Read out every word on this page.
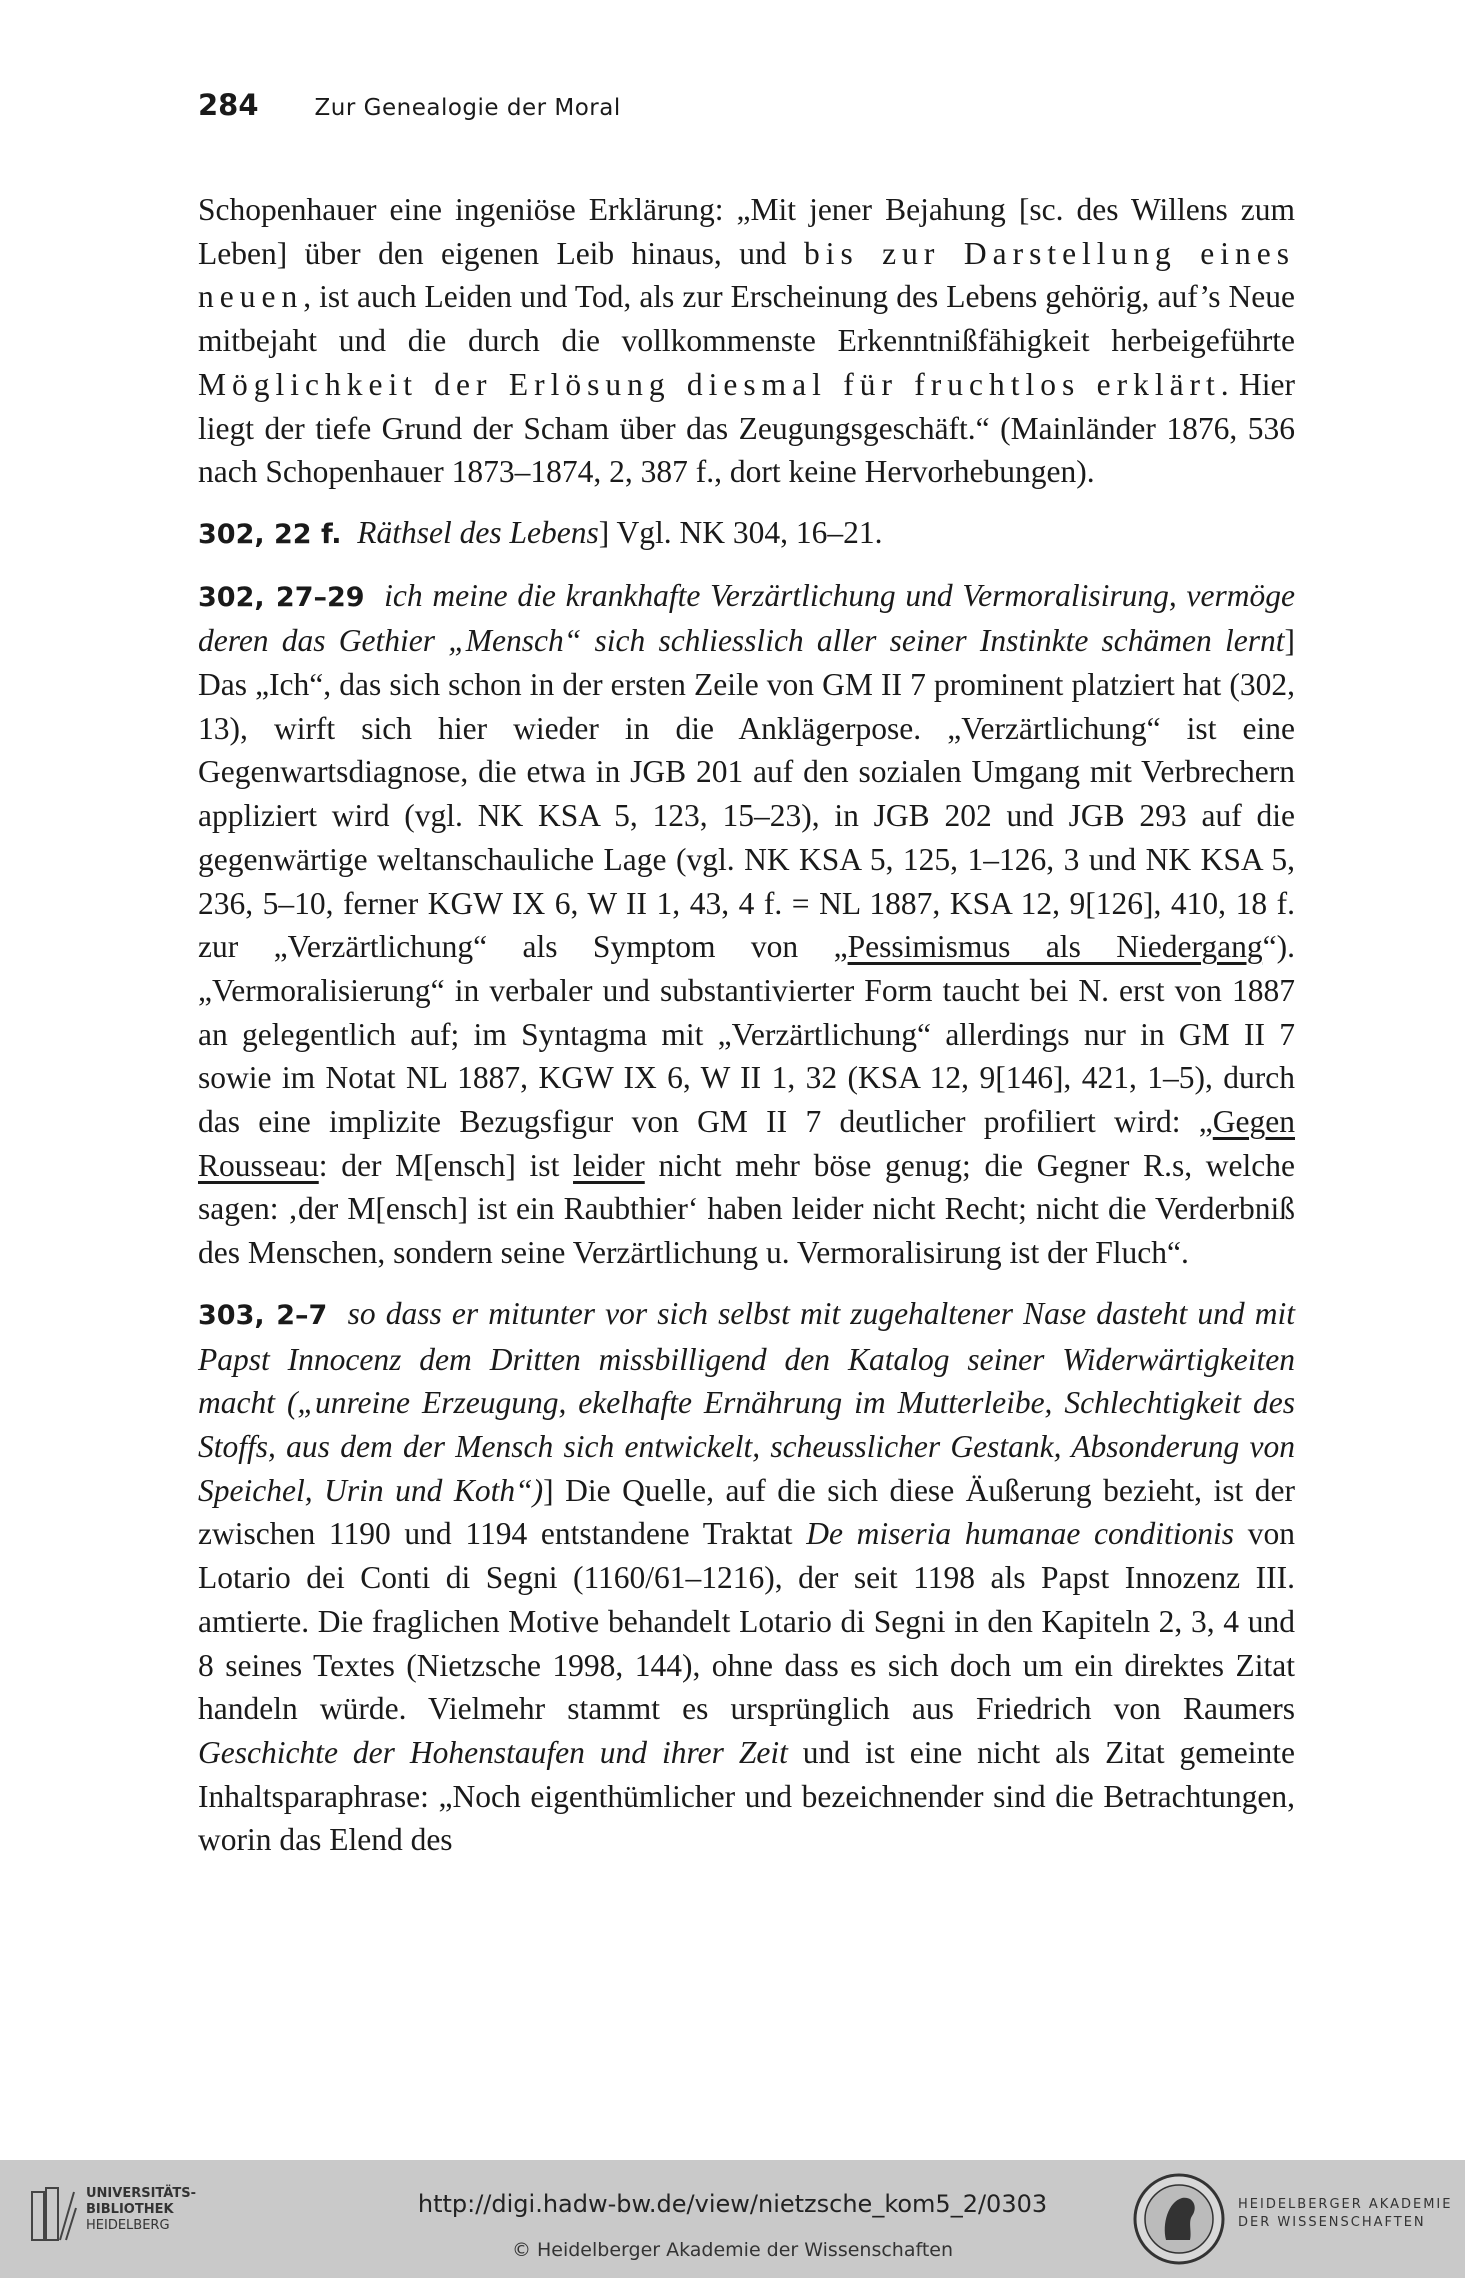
284 Zur Genealogie der Moral

Schopenhauer eine ingeniöse Erklärung: „Mit jener Bejahung [sc. des Willens zum Leben] über den eigenen Leib hinaus, und bis zur Darstellung eines neuen, ist auch Leiden und Tod, als zur Erscheinung des Lebens gehörig, auf’s Neue mitbejaht und die durch die vollkommenste Erkenntnißfähigkeit herbeigeführte Möglichkeit der Erlösung diesmal für fruchtlos erklärt. Hier liegt der tiefe Grund der Scham über das Zeugungsgeschäft.“ (Mainländer 1876, 536 nach Schopenhauer 1873–1874, 2, 387 f., dort keine Hervorhebungen).

302, 22 f. Räthsel des Lebens] Vgl. NK 304, 16–21.

302, 27–29 ich meine die krankhafte Verzärtlichung und Vermoralisirung, vermöge deren das Gethier „Mensch“ sich schliesslich aller seiner Instinkte schämen lernt] Das „Ich“, das sich schon in der ersten Zeile von GM II 7 prominent platziert hat (302, 13), wirft sich hier wieder in die Anklägerpose. „Verzärtlichung“ ist eine Gegenwartsdiagnose, die etwa in JGB 201 auf den sozialen Umgang mit Verbrechern appliziert wird (vgl. NK KSA 5, 123, 15–23), in JGB 202 und JGB 293 auf die gegenwärtige weltanschauliche Lage (vgl. NK KSA 5, 125, 1–126, 3 und NK KSA 5, 236, 5–10, ferner KGW IX 6, W II 1, 43, 4 f. = NL 1887, KSA 12, 9[126], 410, 18 f. zur „Verzärtlichung“ als Symptom von „Pessimismus als Niedergang“). „Vermoralisierung“ in verbaler und substantivierter Form taucht bei N. erst von 1887 an gelegentlich auf; im Syntagma mit „Verzärtlichung“ allerdings nur in GM II 7 sowie im Notat NL 1887, KGW IX 6, W II 1, 32 (KSA 12, 9[146], 421, 1–5), durch das eine implizite Bezugsfigur von GM II 7 deutlicher profiliert wird: „Gegen Rousseau: der M[ensch] ist leider nicht mehr böse genug; die Gegner R.s, welche sagen: ‚der M[ensch] ist ein Raubthier‘ haben leider nicht Recht; nicht die Verderbniß des Menschen, sondern seine Verzärtlichung u. Vermoralisirung ist der Fluch“.

303, 2–7 so dass er mitunter vor sich selbst mit zugehaltener Nase dasteht und mit Papst Innocenz dem Dritten missbilligend den Katalog seiner Widerwärtigkeiten macht („unreine Erzeugung, ekelhafte Ernährung im Mutterleibe, Schlechtigkeit des Stoffs, aus dem der Mensch sich entwickelt, scheusslicher Gestank, Absonderung von Speichel, Urin und Koth“)] Die Quelle, auf die sich diese Äußerung bezieht, ist der zwischen 1190 und 1194 entstandene Traktat De miseria humanae conditionis von Lotario dei Conti di Segni (1160/61–1216), der seit 1198 als Papst Innozenz III. amtierte. Die fraglichen Motive behandelt Lotario di Segni in den Kapiteln 2, 3, 4 und 8 seines Textes (Nietzsche 1998, 144), ohne dass es sich doch um ein direktes Zitat handeln würde. Vielmehr stammt es ursprünglich aus Friedrich von Raumers Geschichte der Hohenstaufen und ihrer Zeit und ist eine nicht als Zitat gemeinte Inhaltsparaphrase: „Noch eigenthümlicher und bezeichnender sind die Betrachtungen, worin das Elend des

UNIVERSITÄTS-
BIBLIOTHEK
HEIDELBERG
http://digi.hadw-bw.de/view/nietzsche_kom5_2/0303
© Heidelberger Akademie der Wissenschaften
HEIDELBERGER AKADEMIE
DER WISSENSCHAFTEN
